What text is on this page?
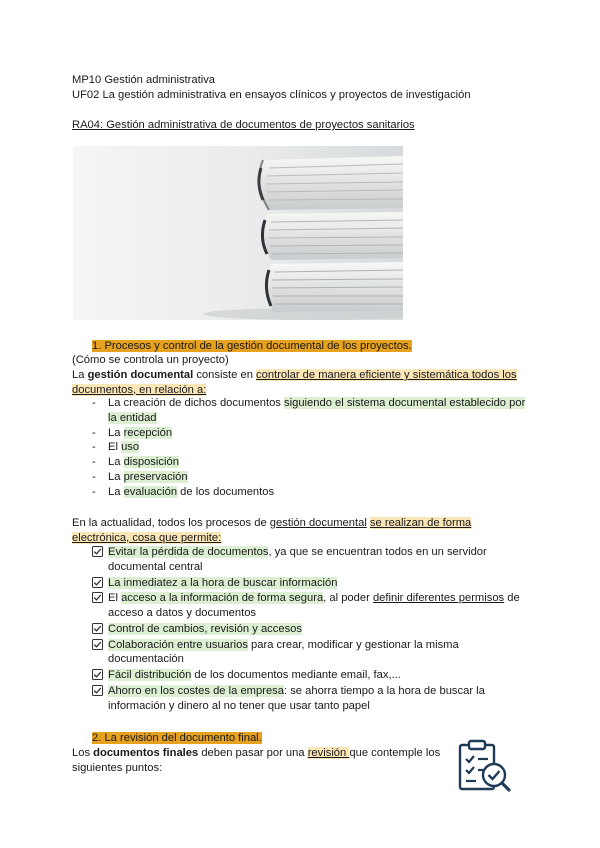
MP10 Gestión administrativa
UF02 La gestión administrativa en ensayos clínicos y proyectos de investigación
RA04: Gestión administrativa de documentos de proyectos sanitarios
1. Procesos y control de la gestión documental de los proyectos.
(Cómo se controla un proyecto)
La gestión documental consiste en controlar de manera eficiente y sistemática todos los documentos, en relación a:
- La creación de dichos documentos siguiendo el sistema documental establecido por la entidad
- La recepción
- El uso
- La disposición
- La preservación
- La evaluación de los documentos
En la actualidad, todos los procesos de gestión documental se realizan de forma electrónica, cosa que permite:
Evitar la pérdida de documentos, ya que se encuentran todos en un servidor documental central
La inmediatez a la hora de buscar información
El acceso a la información de forma segura, al poder definir diferentes permisos de acceso a datos y documentos
Control de cambios, revisión y accesos
Colaboración entre usuarios para crear, modificar y gestionar la misma documentación
Fácil distribución de los documentos mediante email, fax,...
Ahorro en los costes de la empresa: se ahorra tiempo a la hora de buscar la información y dinero al no tener que usar tanto papel
2. La revisión del documento final.
Los documentos finales deben pasar por una revisión que contemple los siguientes puntos:
